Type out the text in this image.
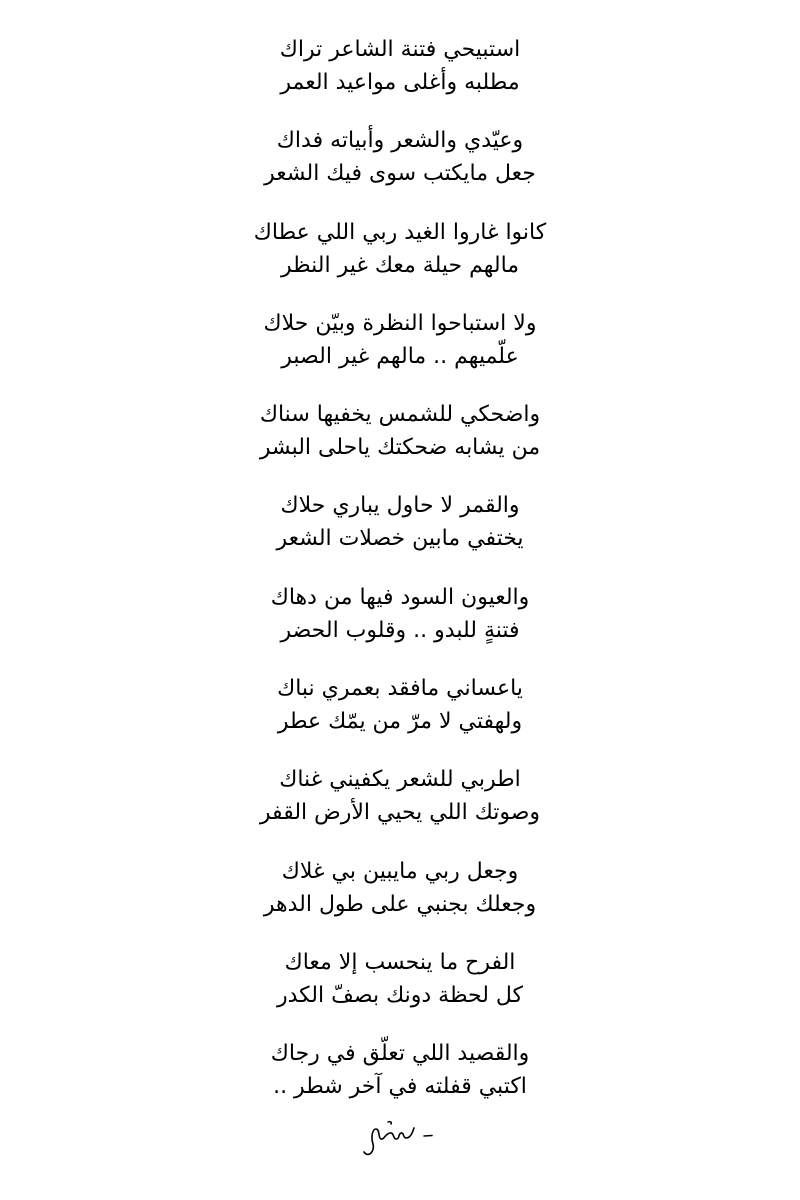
استبيحي فتنة الشاعر تراك
مطلبه وأغلى مواعيد العمر
وعيّدي والشعر وأبياته فداك
جعل مايكتب سوى فيك الشعر
كانوا غاروا الغيد ربي اللي عطاك
مالهم حيلة معك غير النظر
ولا استباحوا النظرة وبيّن حلاك
علّميهم .. مالهم غير الصبر
واضحكي للشمس يخفيها سناك
من يشابه ضحكتك ياحلى البشر
والقمر لا حاول يباري حلاك
يختفي مابين خصلات الشعر
والعيون السود فيها من دهاك
فتنةٍ للبدو .. وقلوب الحضر
ياعساني مافقد بعمري نباك
ولهفتي لا مرّ من يمّك عطر
اطربي للشعر يكفيني غناك
وصوتك اللي يحيي الأرض القفر
وجعل ربي مايبين بي غلاك
وجعلك بجنبي على طول الدهر
الفرح ما ينحسب إلا معاك
كل لحظة دونك بصفّ الكدر
والقصيد اللي تعلّق في رجاك
اكتبي قفلته في آخر شطر ..
